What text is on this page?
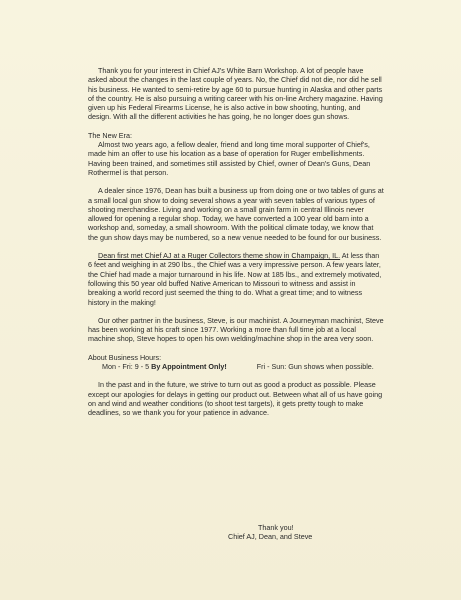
Thank you for your interest in Chief AJ's White Barn Workshop. A lot of people have asked about the changes in the last couple of years. No, the Chief did not die, nor did he sell his business. He wanted to semi-retire by age 60 to pursue hunting in Alaska and other parts of the country. He is also pursuing a writing career with his on-line Archery magazine. Having given up his Federal Firearms License, he is also active in bow shooting, hunting, and design. With all the different activities he has going, he no longer does gun shows.

The New Era:

Almost two years ago, a fellow dealer, friend and long time moral supporter of Chief's, made him an offer to use his location as a base of operation for Ruger embellishments. Having been trained, and sometimes still assisted by Chief, owner of Dean's Guns, Dean Rothermel is that person.

A dealer since 1976, Dean has built a business up from doing one or two tables of guns at a small local gun show to doing several shows a year with seven tables of various types of shooting merchandise. Living and working on a small grain farm in central Illinois never allowed for opening a regular shop. Today, we have converted a 100 year old barn into a workshop and, someday, a small showroom. With the political climate today, we know that the gun show days may be numbered, so a new venue needed to be found for our business.

Dean first met Chief AJ at a Ruger Collectors theme show in Champaign, IL. At less than 6 feet and weighing in at 290 lbs., the Chief was a very impressive person. A few years later, the Chief had made a major turnaround in his life. Now at 185 lbs., and extremely motivated, following this 50 year old buffed Native American to Missouri to witness and assist in breaking a world record just seemed the thing to do. What a great time; and to witness history in the making!

Our other partner in the business, Steve, is our machinist. A Journeyman machinist, Steve has been working at his craft since 1977. Working a more than full time job at a local machine shop, Steve hopes to open his own welding/machine shop in the area very soon.

About Business Hours:

Mon - Fri: 9 - 5 By Appointment Only!	Fri - Sun: Gun shows when possible.

In the past and in the future, we strive to turn out as good a product as possible. Please except our apologies for delays in getting our product out. Between what all of us have going on and wind and weather conditions (to shoot test targets), it gets pretty tough to make deadlines, so we thank you for your patience in advance.

Thank you!

Chief AJ, Dean, and Steve
